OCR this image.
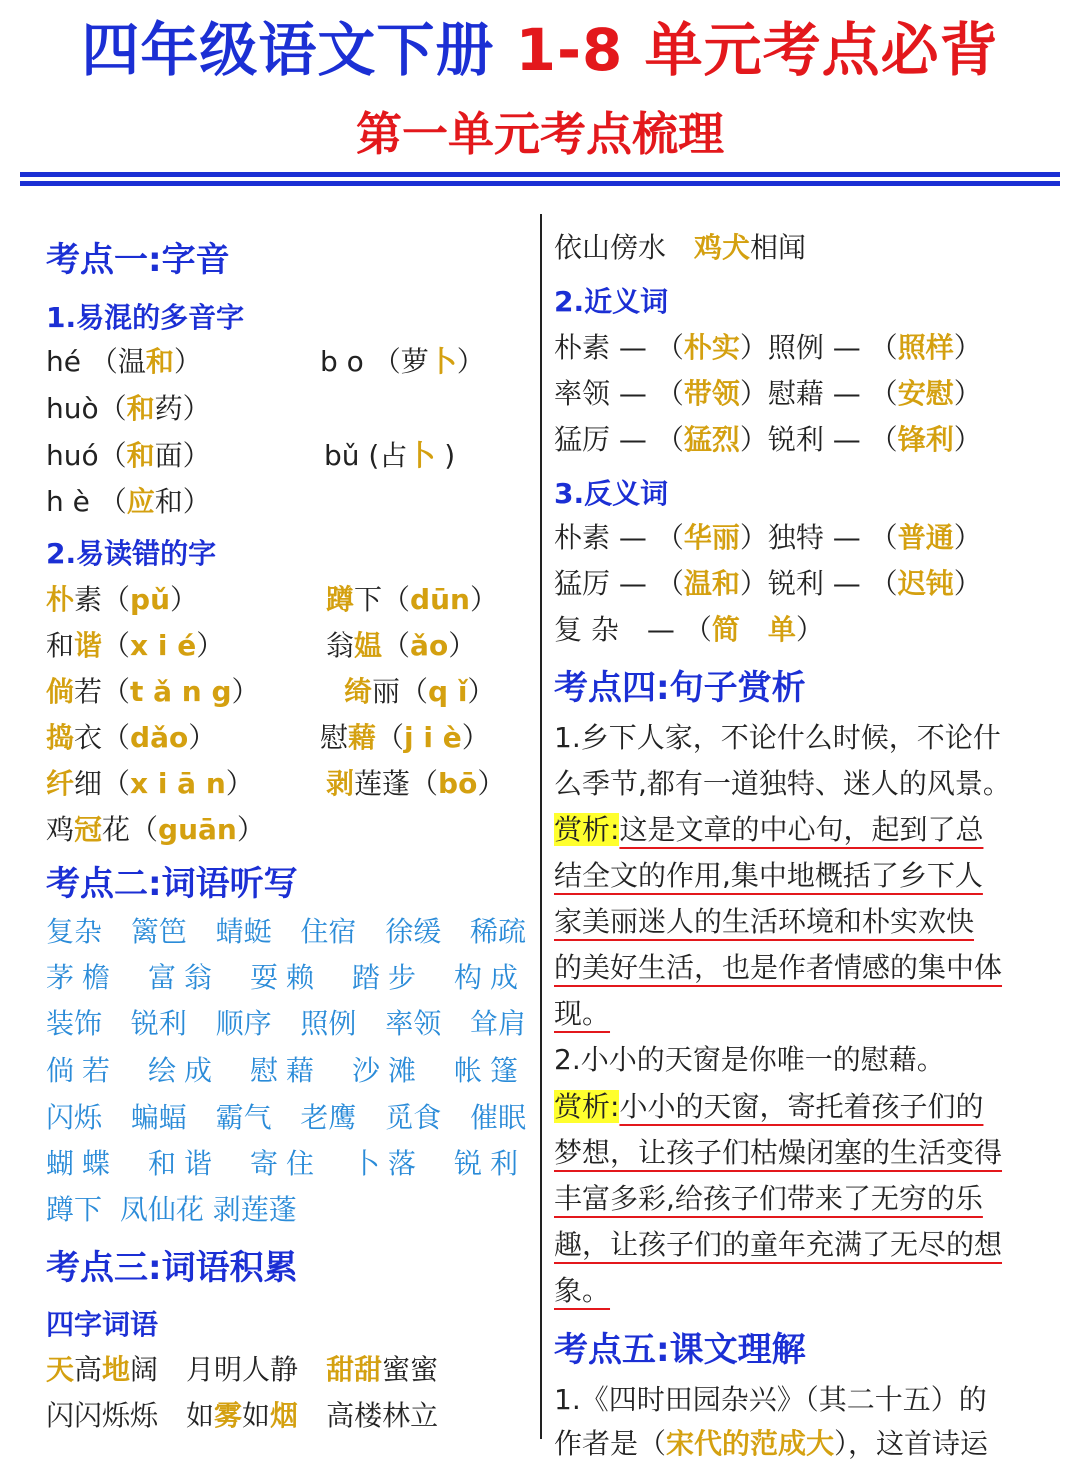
四年级语文下册 1-8 单元考点必背
第一单元考点梳理
考点一:字音
1.易混的多音字
hé （温和）	b o （萝卜）
huò（和药）
huó（和面）	bǔ (占卜 )
h è （应和）
2.易读错的字
朴素（pǔ）	蹲下（dūn）
和谐（x i é）	翁媪（ǎo）
倘若（t ǎ n g）	绮丽（q ǐ）
捣衣（dǎo）	慰藉（j i è）
纤细（x i ā n）	剥莲蓬（bō）
鸡冠花（guān）
考点二:词语听写
复杂 篱笆 蜻蜓 住宿 徐缓 稀疏
茅檐 富翁 耍赖 踏步 构成
装饰 锐利 顺序 照例 率领 耸肩
倘若 绘成 慰藉 沙滩 帐篷
闪烁 蝙蝠 霸气 老鹰 觅食 催眠
蝴蝶 和谐 寄住 卜落 锐利
蹲下 凤仙花 剥莲蓬
考点三:词语积累
四字词语
天高地阔　月明人静　甜甜蜜蜜
闪闪烁烁　如雾如烟　高楼林立
依山傍水　鸡犬相闻
2.近义词
朴素 — （朴实）照例 — （照样）
率领 — （带领）慰藉 — （安慰）
猛厉 — （猛烈）锐利 — （锋利）
3.反义词
朴素 — （华丽）独特 — （普通）
猛厉 — （温和）锐利 — （迟钝）
复 杂　 — （简　单）
考点四:句子赏析
1.乡下人家，不论什么时候，不论什
么季节,都有一道独特、迷人的风景。
赏析:这是文章的中心句，起到了总
结全文的作用,集中地概括了乡下人
家美丽迷人的生活环境和朴实欢快
的美好生活，也是作者情感的集中体
现。
2.小小的天窗是你唯一的慰藉。
赏析:小小的天窗，寄托着孩子们的
梦想，让孩子们枯燥闭塞的生活变得
丰富多彩,给孩子们带来了无穷的乐
趣，让孩子们的童年充满了无尽的想
象。
考点五:课文理解
1.《四时田园杂兴》（其二十五）的
作者是（宋代的范成大），这首诗运
